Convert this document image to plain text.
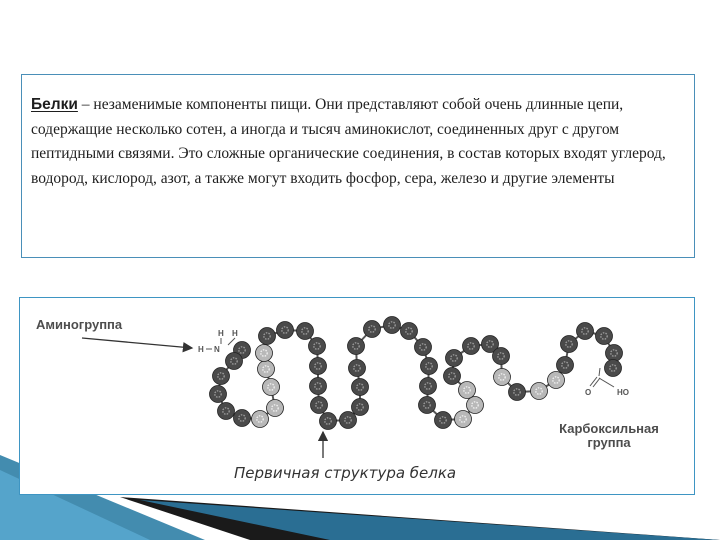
Белки – незаменимые компоненты пищи. Они представляют собой очень длинные цепи, содержащие несколько сотен, а иногда и тысяч аминокислот, соединенных друг с другом пептидными связями. Это сложные органические соединения, в состав которых входят углерод, водород, кислород, азот, а также могут входить фосфор, сера, железо и другие элементы
H H
H N
O	HO
Аминогруппа
Карбоксильная
группа
Первичная структура белка
